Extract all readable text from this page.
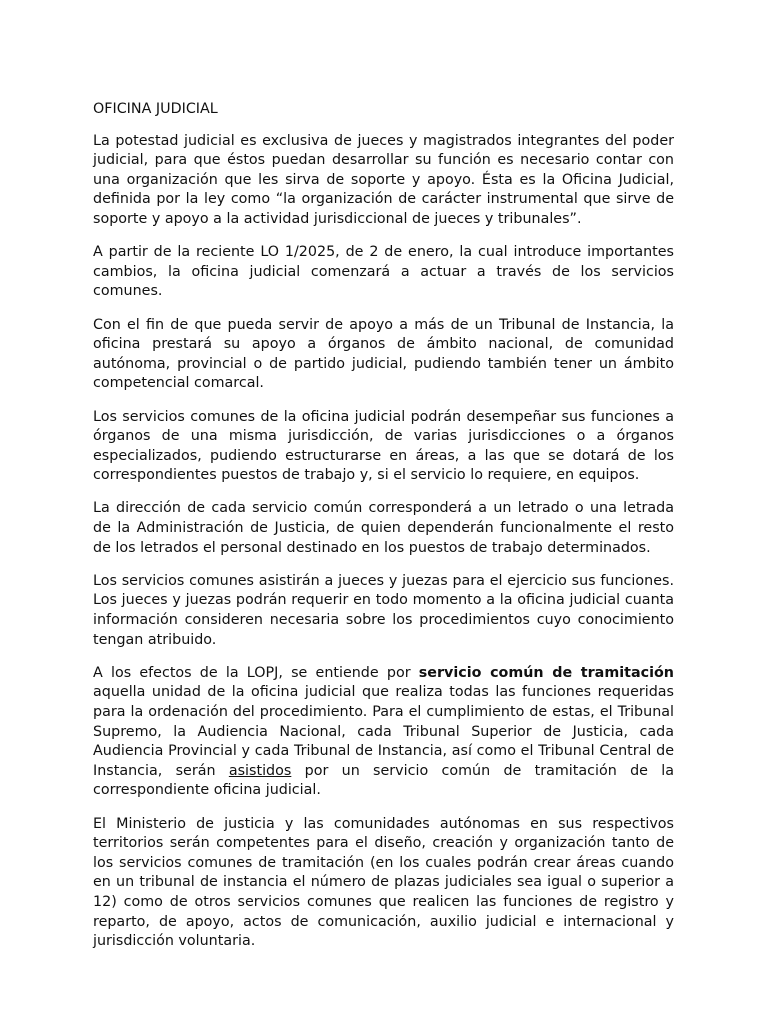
OFICINA JUDICIAL

La potestad judicial es exclusiva de jueces y magistrados integrantes del poder judicial, para que éstos puedan desarrollar su función es necesario contar con una organización que les sirva de soporte y apoyo. Ésta es la Oficina Judicial, definida por la ley como “la organización de carácter instrumental que sirve de soporte y apoyo a la actividad jurisdiccional de jueces y tribunales”.

A partir de la reciente LO 1/2025, de 2 de enero, la cual introduce importantes cambios, la oficina judicial comenzará a actuar a través de los servicios comunes.

Con el fin de que pueda servir de apoyo a más de un Tribunal de Instancia, la oficina prestará su apoyo a órganos de ámbito nacional, de comunidad autónoma, provincial o de partido judicial, pudiendo también tener un ámbito competencial comarcal.

Los servicios comunes de la oficina judicial podrán desempeñar sus funciones a órganos de una misma jurisdicción, de varias jurisdicciones o a órganos especializados, pudiendo estructurarse en áreas, a las que se dotará de los correspondientes puestos de trabajo y, si el servicio lo requiere, en equipos.

La dirección de cada servicio común corresponderá a un letrado o una letrada de la Administración de Justicia, de quien dependerán funcionalmente el resto de los letrados el personal destinado en los puestos de trabajo determinados.

Los servicios comunes asistirán a jueces y juezas para el ejercicio sus funciones. Los jueces y juezas podrán requerir en todo momento a la oficina judicial cuanta información consideren necesaria sobre los procedimientos cuyo conocimiento tengan atribuido.

A los efectos de la LOPJ, se entiende por servicio común de tramitación aquella unidad de la oficina judicial que realiza todas las funciones requeridas para la ordenación del procedimiento. Para el cumplimiento de estas, el Tribunal Supremo, la Audiencia Nacional, cada Tribunal Superior de Justicia, cada Audiencia Provincial y cada Tribunal de Instancia, así como el Tribunal Central de Instancia, serán asistidos por un servicio común de tramitación de la correspondiente oficina judicial.

El Ministerio de justicia y las comunidades autónomas en sus respectivos territorios serán competentes para el diseño, creación y organización tanto de los servicios comunes de tramitación (en los cuales podrán crear áreas cuando en un tribunal de instancia el número de plazas judiciales sea igual o superior a 12) como de otros servicios comunes que realicen las funciones de registro y reparto, de apoyo, actos de comunicación, auxilio judicial e internacional y jurisdicción voluntaria.
